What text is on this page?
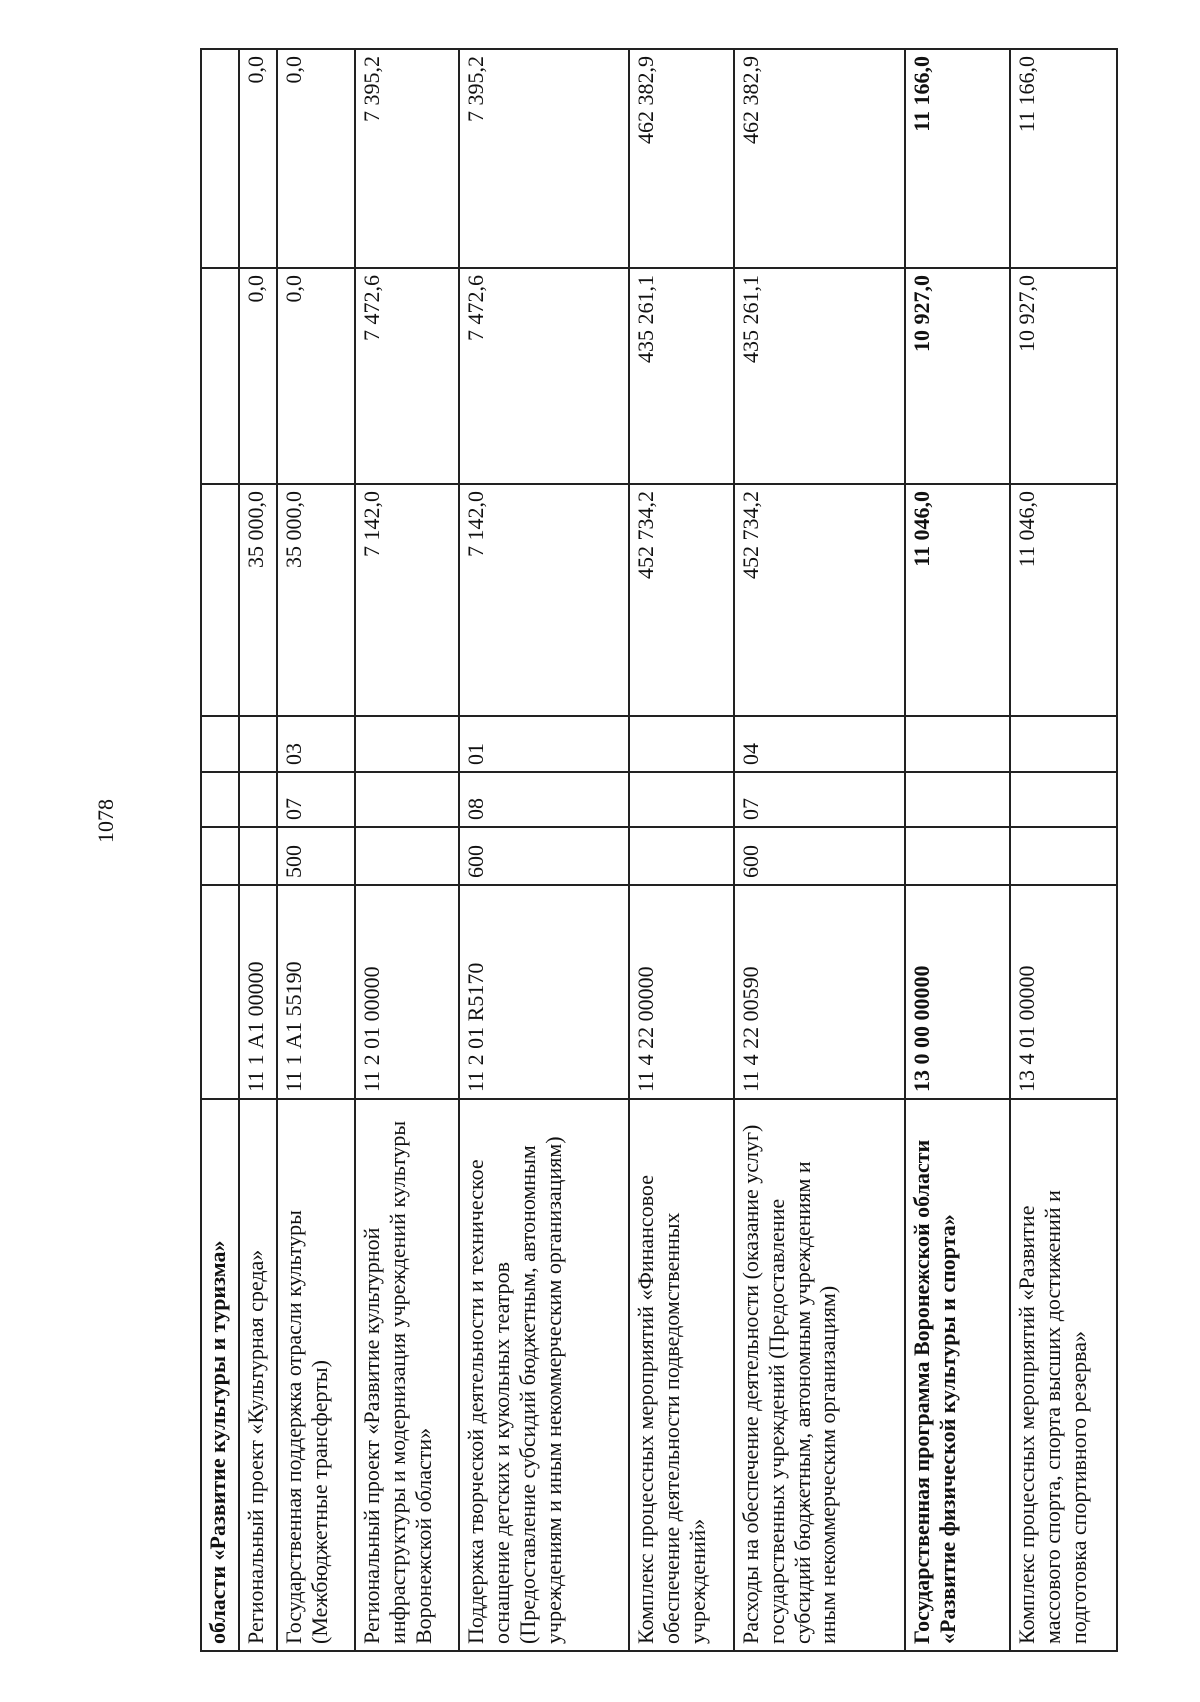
1078
области «Развитие культуры и туризма»							
Региональный проект «Культурная среда»	11 1 А1 00000				35 000,0	0,0	0,0
Государственная поддержка отрасли культуры (Межбюджетные трансферты)	11 1 А1 55190	500	07	03	35 000,0	0,0	0,0
Региональный проект «Развитие культурной инфраструктуры и модернизация учреждений культуры Воронежской области»	11 2 01 00000				7 142,0	7 472,6	7 395,2
Поддержка творческой деятельности и техническое оснащение детских и кукольных театров (Предоставление субсидий бюджетным, автономным учреждениям и иным некоммерческим организациям)	11 2 01 R5170	600	08	01	7 142,0	7 472,6	7 395,2
Комплекс процессных мероприятий «Финансовое обеспечение деятельности подведомственных учреждений»	11 4 22 00000				452 734,2	435 261,1	462 382,9
Расходы на обеспечение деятельности (оказание услуг) государственных учреждений (Предоставление субсидий бюджетным, автономным учреждениям и иным некоммерческим организациям)	11 4 22 00590	600	07	04	452 734,2	435 261,1	462 382,9
Государственная программа Воронежской области «Развитие физической культуры и спорта»	13 0 00 00000				11 046,0	10 927,0	11 166,0
Комплекс процессных мероприятий «Развитие массового спорта, спорта высших достижений и подготовка спортивного резерва»	13 4 01 00000				11 046,0	10 927,0	11 166,0
